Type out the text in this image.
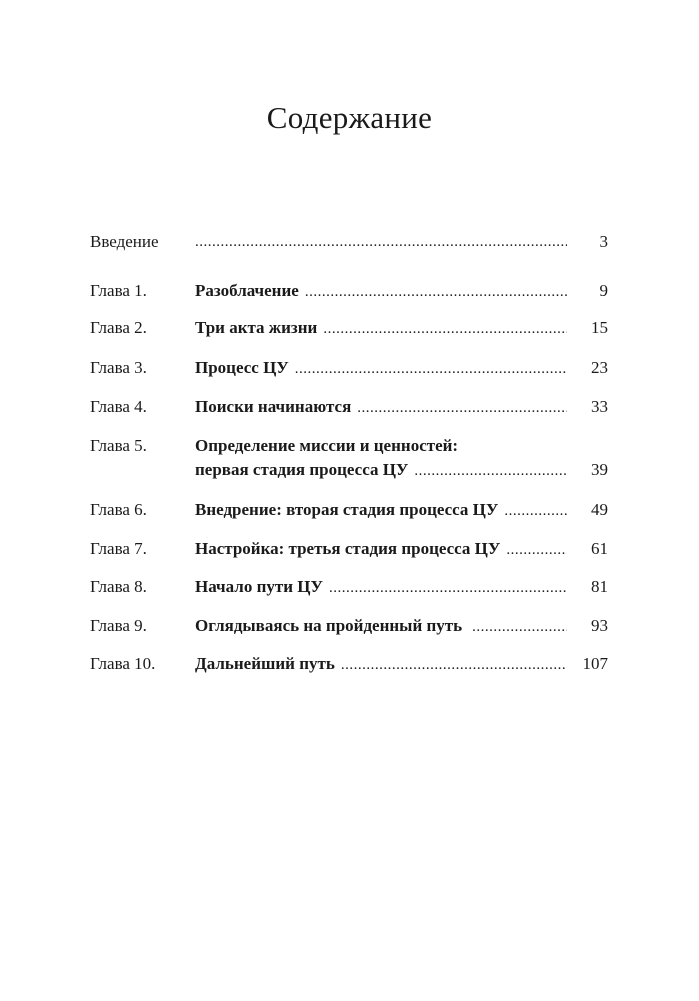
Содержание
Введение .....	3
Глава 1.	Разоблачение .....	9
Глава 2.	Три акта жизни .....	15
Глава 3.	Процесс ЦУ .....	23
Глава 4.	Поиски начинаются .....	33
Глава 5.	Определение миссии и ценностей:
первая стадия процесса ЦУ .....	39
Глава 6.	Внедрение: вторая стадия процесса ЦУ .....	49
Глава 7.	Настройка: третья стадия процесса ЦУ .....	61
Глава 8.	Начало пути ЦУ .....	81
Глава 9.	Оглядываясь на пройденный путь .....	93
Глава 10. Дальнейший путь .....	107
